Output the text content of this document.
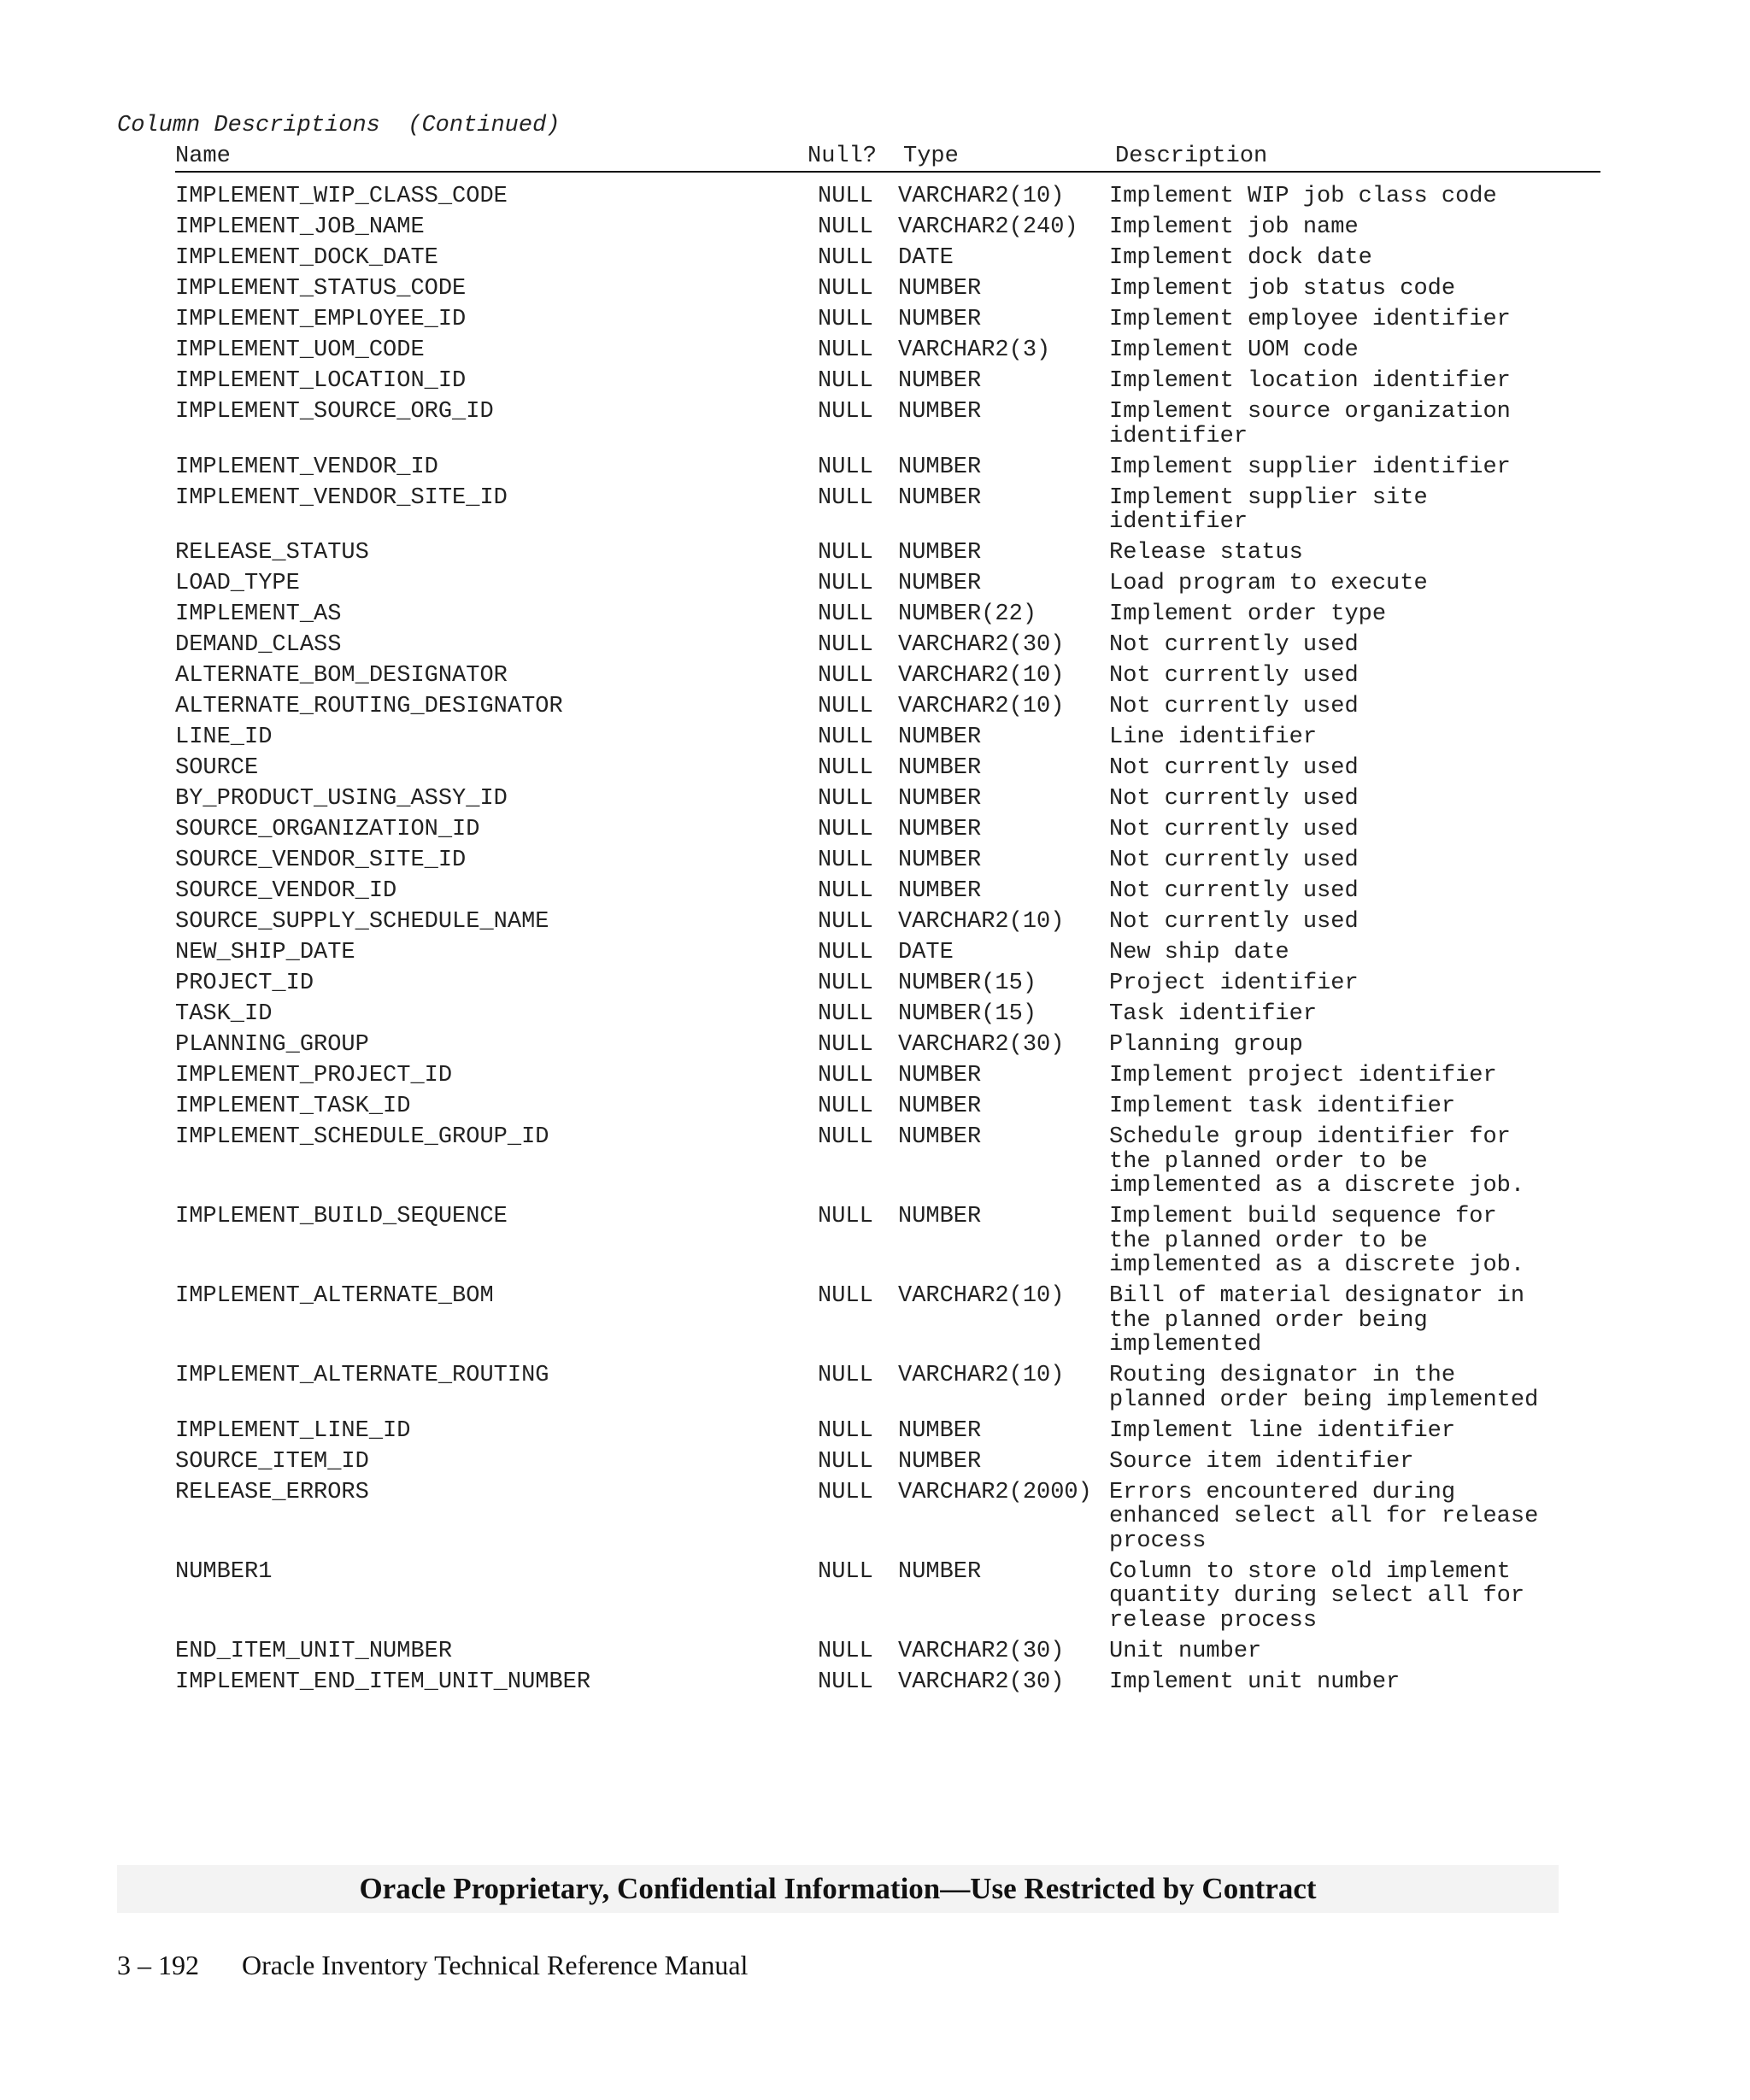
Column Descriptions  (Continued)
Name	Null? Type	Description
IMPLEMENT_WIP_CLASS_CODE	NULL VARCHAR2(10) Implement WIP job class code
IMPLEMENT_JOB_NAME	NULL VARCHAR2(240) Implement job name
IMPLEMENT_DOCK_DATE	NULL DATE	Implement dock date
IMPLEMENT_STATUS_CODE	NULL NUMBER	Implement job status code
IMPLEMENT_EMPLOYEE_ID	NULL NUMBER	Implement employee identifier
IMPLEMENT_UOM_CODE	NULL VARCHAR2(3)	Implement UOM code
IMPLEMENT_LOCATION_ID	NULL NUMBER	Implement location identifier
IMPLEMENT_SOURCE_ORG_ID	NULL NUMBER	Implement source organization
identifier
IMPLEMENT_VENDOR_ID	NULL NUMBER	Implement supplier identifier
IMPLEMENT_VENDOR_SITE_ID	NULL NUMBER	Implement supplier site
identifier
RELEASE_STATUS	NULL NUMBER	Release status
LOAD_TYPE	NULL NUMBER	Load program to execute
IMPLEMENT_AS	NULL NUMBER(22)	Implement order type
DEMAND_CLASS	NULL VARCHAR2(30) Not currently used
ALTERNATE_BOM_DESIGNATOR	NULL VARCHAR2(10) Not currently used
ALTERNATE_ROUTING_DESIGNATOR	NULL VARCHAR2(10) Not currently used
LINE_ID	NULL NUMBER	Line identifier
SOURCE	NULL NUMBER	Not currently used
BY_PRODUCT_USING_ASSY_ID	NULL NUMBER	Not currently used
SOURCE_ORGANIZATION_ID	NULL NUMBER	Not currently used
SOURCE_VENDOR_SITE_ID	NULL NUMBER	Not currently used
SOURCE_VENDOR_ID	NULL NUMBER	Not currently used
SOURCE_SUPPLY_SCHEDULE_NAME	NULL VARCHAR2(10) Not currently used
NEW_SHIP_DATE	NULL DATE	New ship date
PROJECT_ID	NULL NUMBER(15)	Project identifier
TASK_ID	NULL NUMBER(15)	Task identifier
PLANNING_GROUP	NULL VARCHAR2(30) Planning group
IMPLEMENT_PROJECT_ID	NULL NUMBER	Implement project identifier
IMPLEMENT_TASK_ID	NULL NUMBER	Implement task identifier
IMPLEMENT_SCHEDULE_GROUP_ID	NULL NUMBER	Schedule group identifier for
the planned order to be
implemented as a discrete job.
IMPLEMENT_BUILD_SEQUENCE	NULL NUMBER	Implement build sequence for
the planned order to be
implemented as a discrete job.
IMPLEMENT_ALTERNATE_BOM	NULL VARCHAR2(10) Bill of material designator in
the planned order being
implemented
IMPLEMENT_ALTERNATE_ROUTING	NULL VARCHAR2(10) Routing designator in the
planned order being implemented
IMPLEMENT_LINE_ID	NULL NUMBER	Implement line identifier
SOURCE_ITEM_ID	NULL NUMBER	Source item identifier
RELEASE_ERRORS	NULL VARCHAR2(2000) Errors encountered during
enhanced select all for release
process
NUMBER1	NULL NUMBER	Column to store old implement
quantity during select all for
release process
END_ITEM_UNIT_NUMBER	NULL VARCHAR2(30) Unit number
IMPLEMENT_END_ITEM_UNIT_NUMBER	NULL VARCHAR2(30) Implement unit number
Oracle Proprietary, Confidential Information––Use Restricted by Contract
3 – 192 Oracle Inventory Technical Reference Manual
